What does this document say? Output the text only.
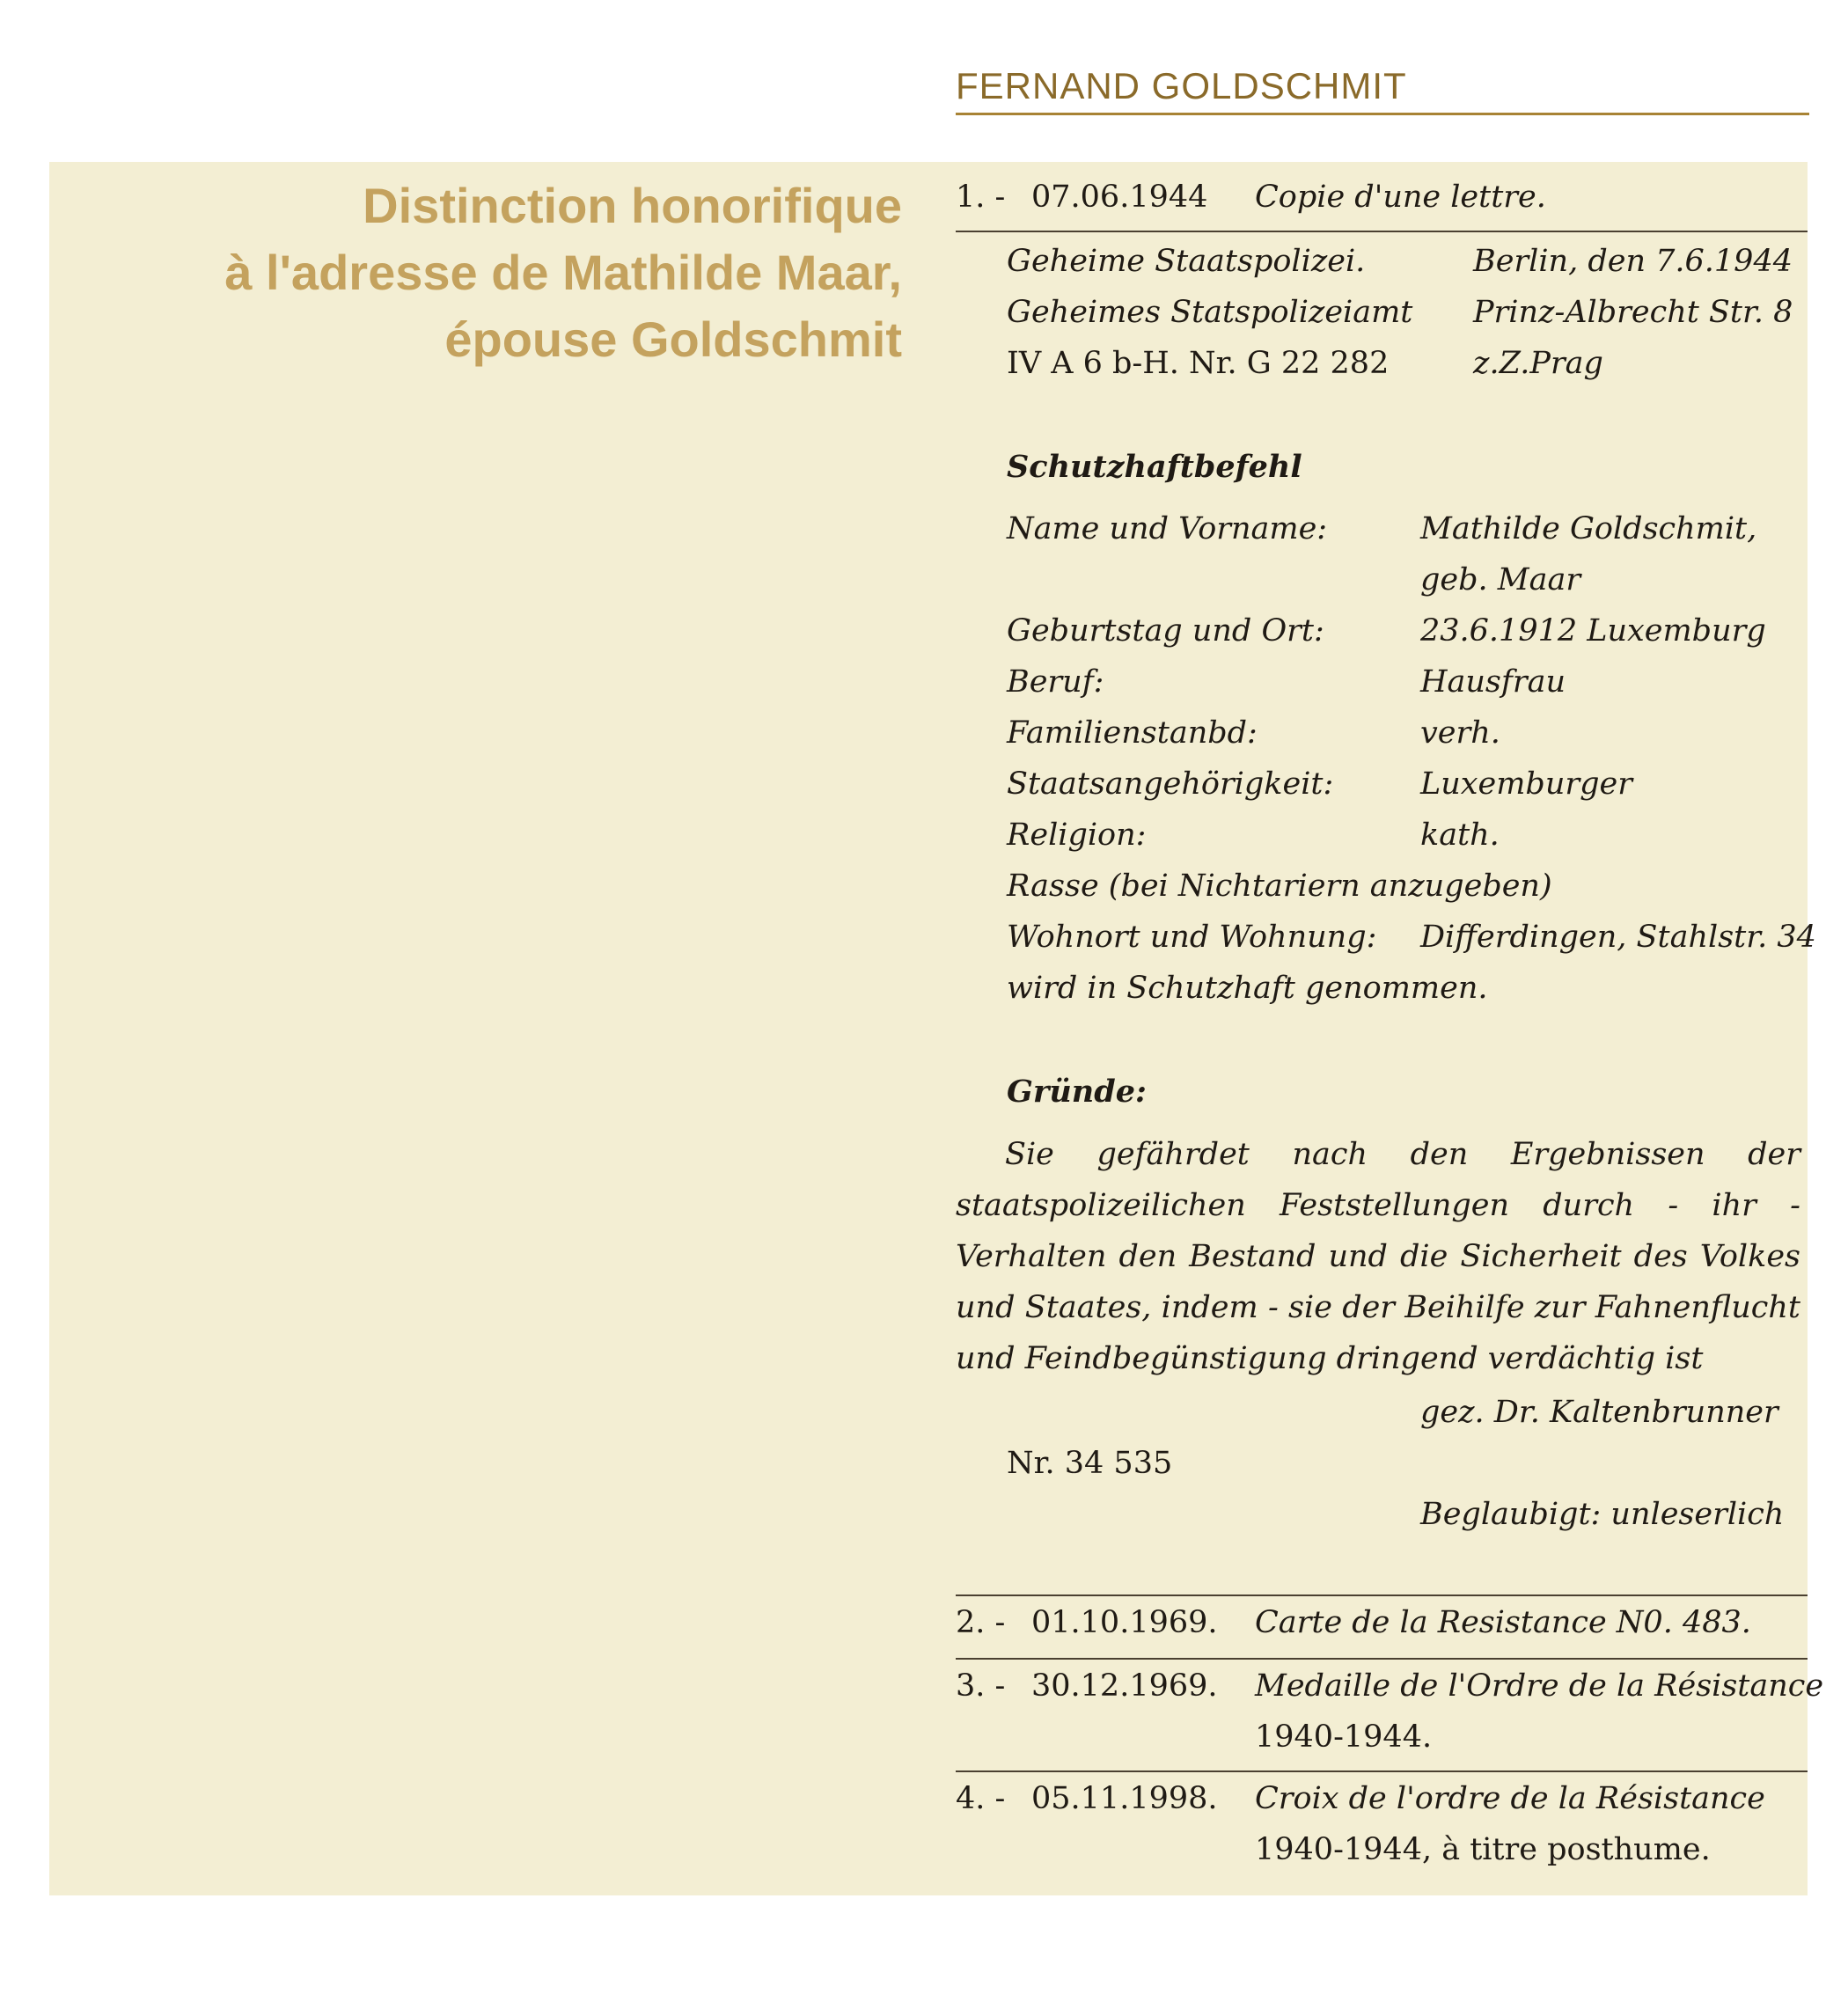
FERNAND GOLDSCHMIT
Distinction honorifique
à l'adresse de Mathilde Maar,
épouse Goldschmit
1. - 07.06.1944 Copie d'une lettre.
Geheime Staatspolizei.
Geheimes Statspolizeiamt
IV A 6 b-H. Nr. G 22 282
Berlin, den 7.6.1944
Prinz-Albrecht Str. 8
z.Z.Prag
Schutzhaftbefehl
Name und Vorname:
Geburtstag und Ort:
Beruf:
Familienstanbd:
Staatsangehörigkeit:
Religion:
Mathilde Goldschmit,
geb. Maar
23.6.1912 Luxemburg
Hausfrau
verh.
Luxemburger
kath.
Rasse (bei Nichtariern anzugeben)
Wohnort und Wohnung: Differdingen, Stahlstr. 34
wird in Schutzhaft genommen.
Gründe:
Sie gefährdet nach den Ergebnissen der staatspolizeilichen Feststellungen durch - ihr - Verhalten den Bestand und die Sicherheit des Volkes und Staates, indem - sie der Beihilfe zur Fahnenflucht und Feindbegünstigung dringend verdächtig ist
gez. Dr. Kaltenbrunner
Nr. 34 535
Beglaubigt: unleserlich
2. - 01.10.1969. Carte de la Resistance N0. 483.
3. - 30.12.1969. Medaille de l'Ordre de la Résistance
1940-1944.
4. - 05.11.1998. Croix de l'ordre de la Résistance
1940-1944, à titre posthume.
